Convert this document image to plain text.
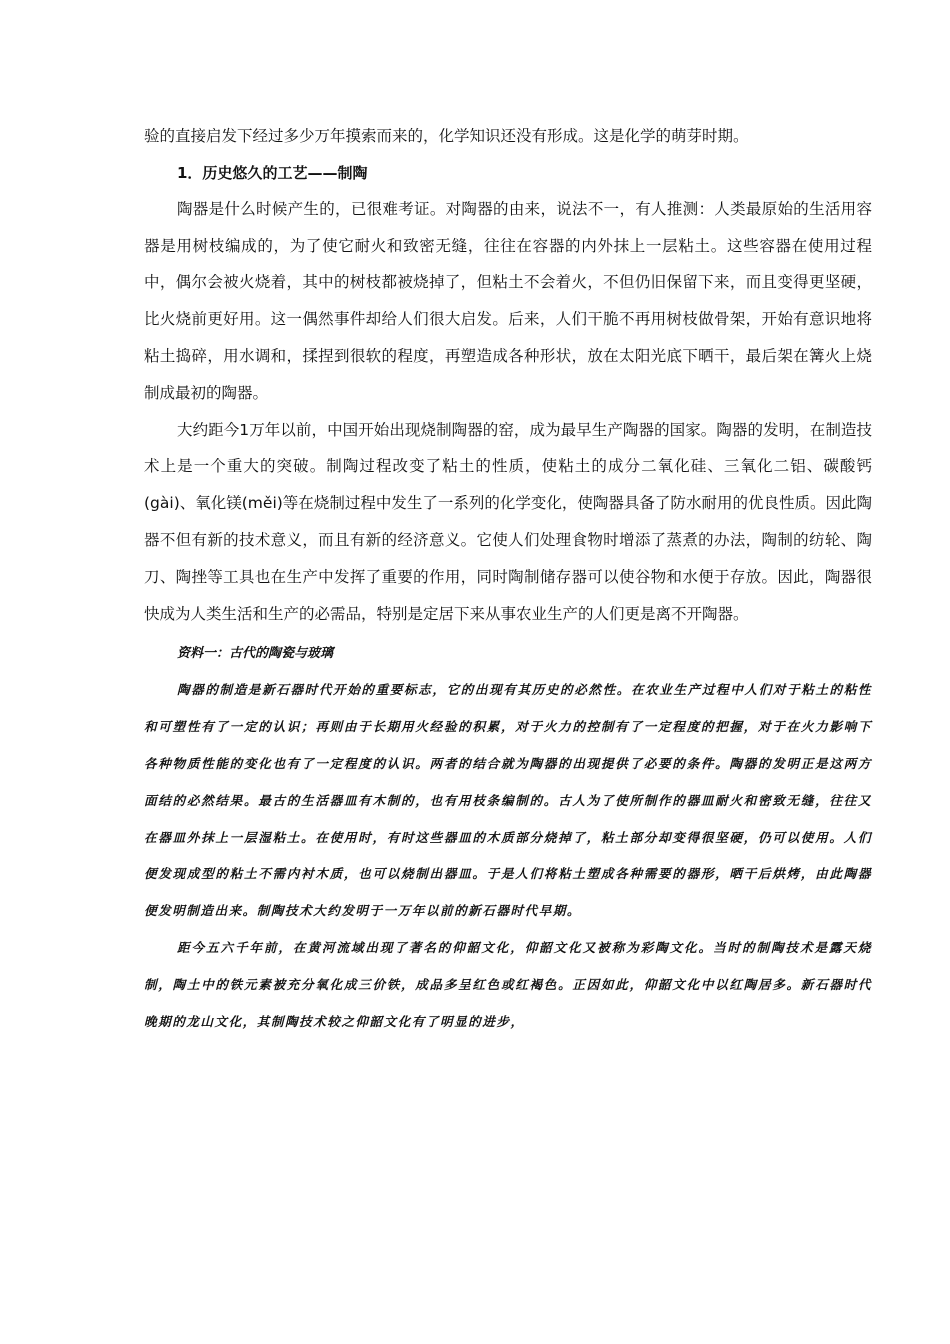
验的直接启发下经过多少万年摸索而来的，化学知识还没有形成。这是化学的萌芽时期。

1．历史悠久的工艺——制陶

陶器是什么时候产生的，已很难考证。对陶器的由来，说法不一，有人推测：人类最原始的生活用容器是用树枝编成的，为了使它耐火和致密无缝，往往在容器的内外抹上一层粘土。这些容器在使用过程中，偶尔会被火烧着，其中的树枝都被烧掉了，但粘土不会着火，不但仍旧保留下来，而且变得更坚硬，比火烧前更好用。这一偶然事件却给人们很大启发。后来，人们干脆不再用树枝做骨架，开始有意识地将粘土捣碎，用水调和，揉捏到很软的程度，再塑造成各种形状，放在太阳光底下晒干，最后架在篝火上烧制成最初的陶器。

大约距今1万年以前，中国开始出现烧制陶器的窑，成为最早生产陶器的国家。陶器的发明，在制造技术上是一个重大的突破。制陶过程改变了粘土的性质，使粘土的成分二氧化硅、三氧化二铝、碳酸钙(gài)、氧化镁(měi)等在烧制过程中发生了一系列的化学变化，使陶器具备了防水耐用的优良性质。因此陶器不但有新的技术意义，而且有新的经济意义。它使人们处理食物时增添了蒸煮的办法，陶制的纺轮、陶刀、陶挫等工具也在生产中发挥了重要的作用，同时陶制储存器可以使谷物和水便于存放。因此，陶器很快成为人类生活和生产的必需品，特别是定居下来从事农业生产的人们更是离不开陶器。

资料一：古代的陶瓷与玻璃

陶器的制造是新石器时代开始的重要标志，它的出现有其历史的必然性。在农业生产过程中人们对于粘土的粘性和可塑性有了一定的认识；再则由于长期用火经验的积累，对于火力的控制有了一定程度的把握，对于在火力影响下各种物质性能的变化也有了一定程度的认识。两者的结合就为陶器的出现提供了必要的条件。陶器的发明正是这两方面结的必然结果。最古的生活器皿有木制的，也有用枝条编制的。古人为了使所制作的器皿耐火和密致无缝，往往又在器皿外抹上一层湿粘土。在使用时，有时这些器皿的木质部分烧掉了，粘土部分却变得很坚硬，仍可以使用。人们便发现成型的粘土不需内衬木质，也可以烧制出器皿。于是人们将粘土塑成各种需要的器形，晒干后烘烤，由此陶器便发明制造出来。制陶技术大约发明于一万年以前的新石器时代早期。

距今五六千年前，在黄河流域出现了著名的仰韶文化，仰韶文化又被称为彩陶文化。当时的制陶技术是露天烧制，陶土中的铁元素被充分氧化成三价铁，成品多呈红色或红褐色。正因如此，仰韶文化中以红陶居多。新石器时代晚期的龙山文化，其制陶技术较之仰韶文化有了明显的进步，
